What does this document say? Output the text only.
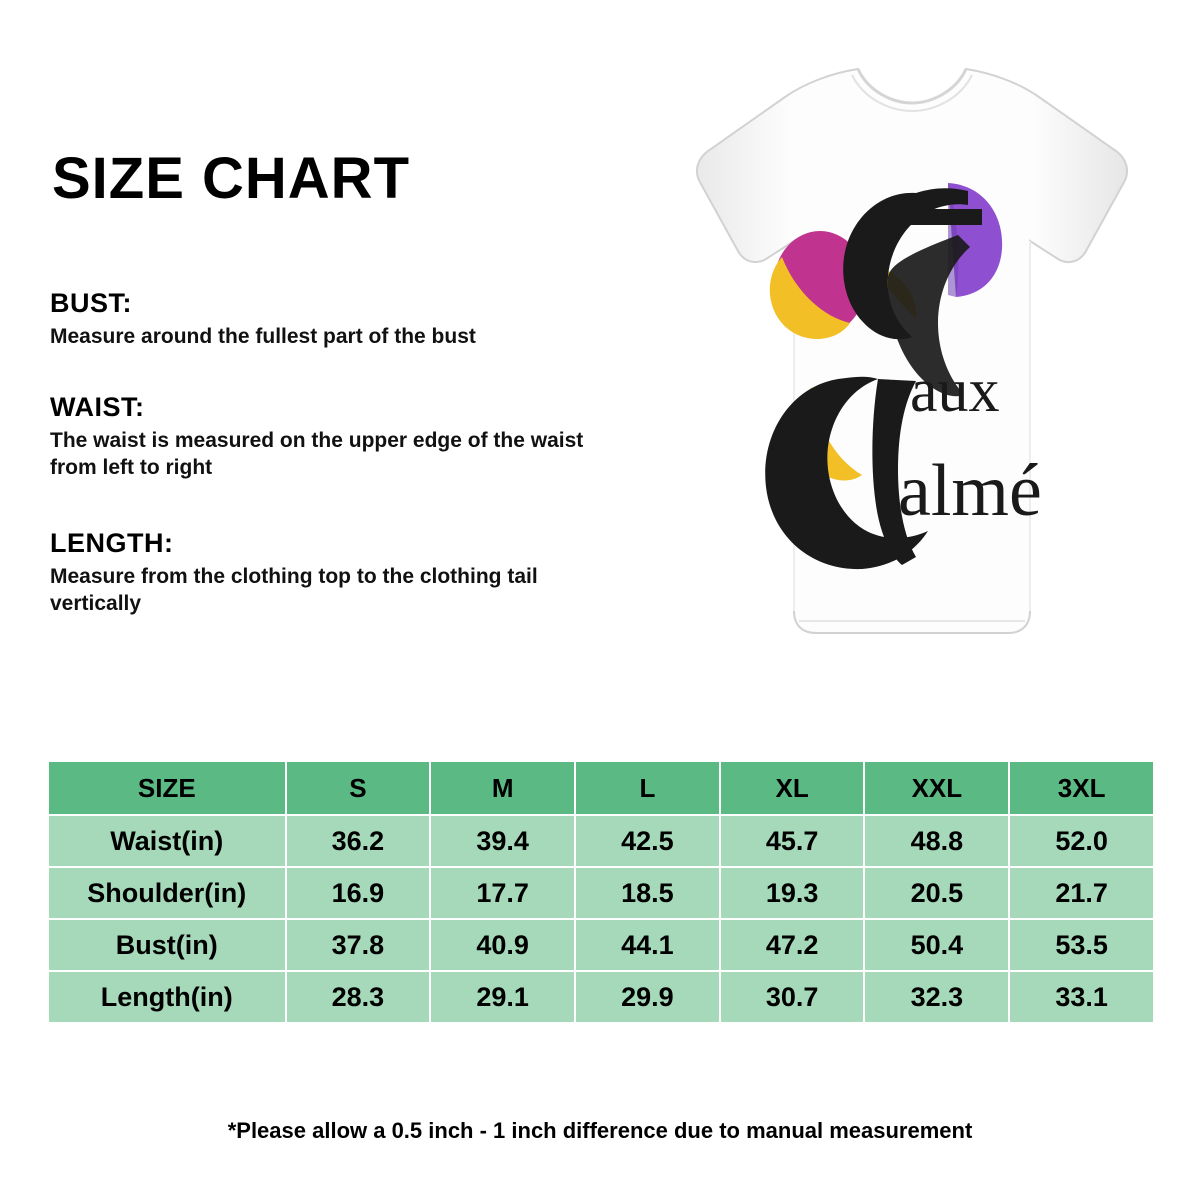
SIZE CHART
BUST:
Measure around the fullest part of the bust
WAIST:
The waist is measured on the upper edge of the waist from left to right
LENGTH:
Measure from the clothing top to the clothing tail vertically
aux
almé
SIZE	S	M	L	XL	XXL	3XL
Waist(in)	36.2	39.4	42.5	45.7	48.8	52.0
Shoulder(in)	16.9	17.7	18.5	19.3	20.5	21.7
Bust(in)	37.8	40.9	44.1	47.2	50.4	53.5
Length(in)	28.3	29.1	29.9	30.7	32.3	33.1
*Please allow a 0.5 inch - 1 inch difference due to manual measurement
